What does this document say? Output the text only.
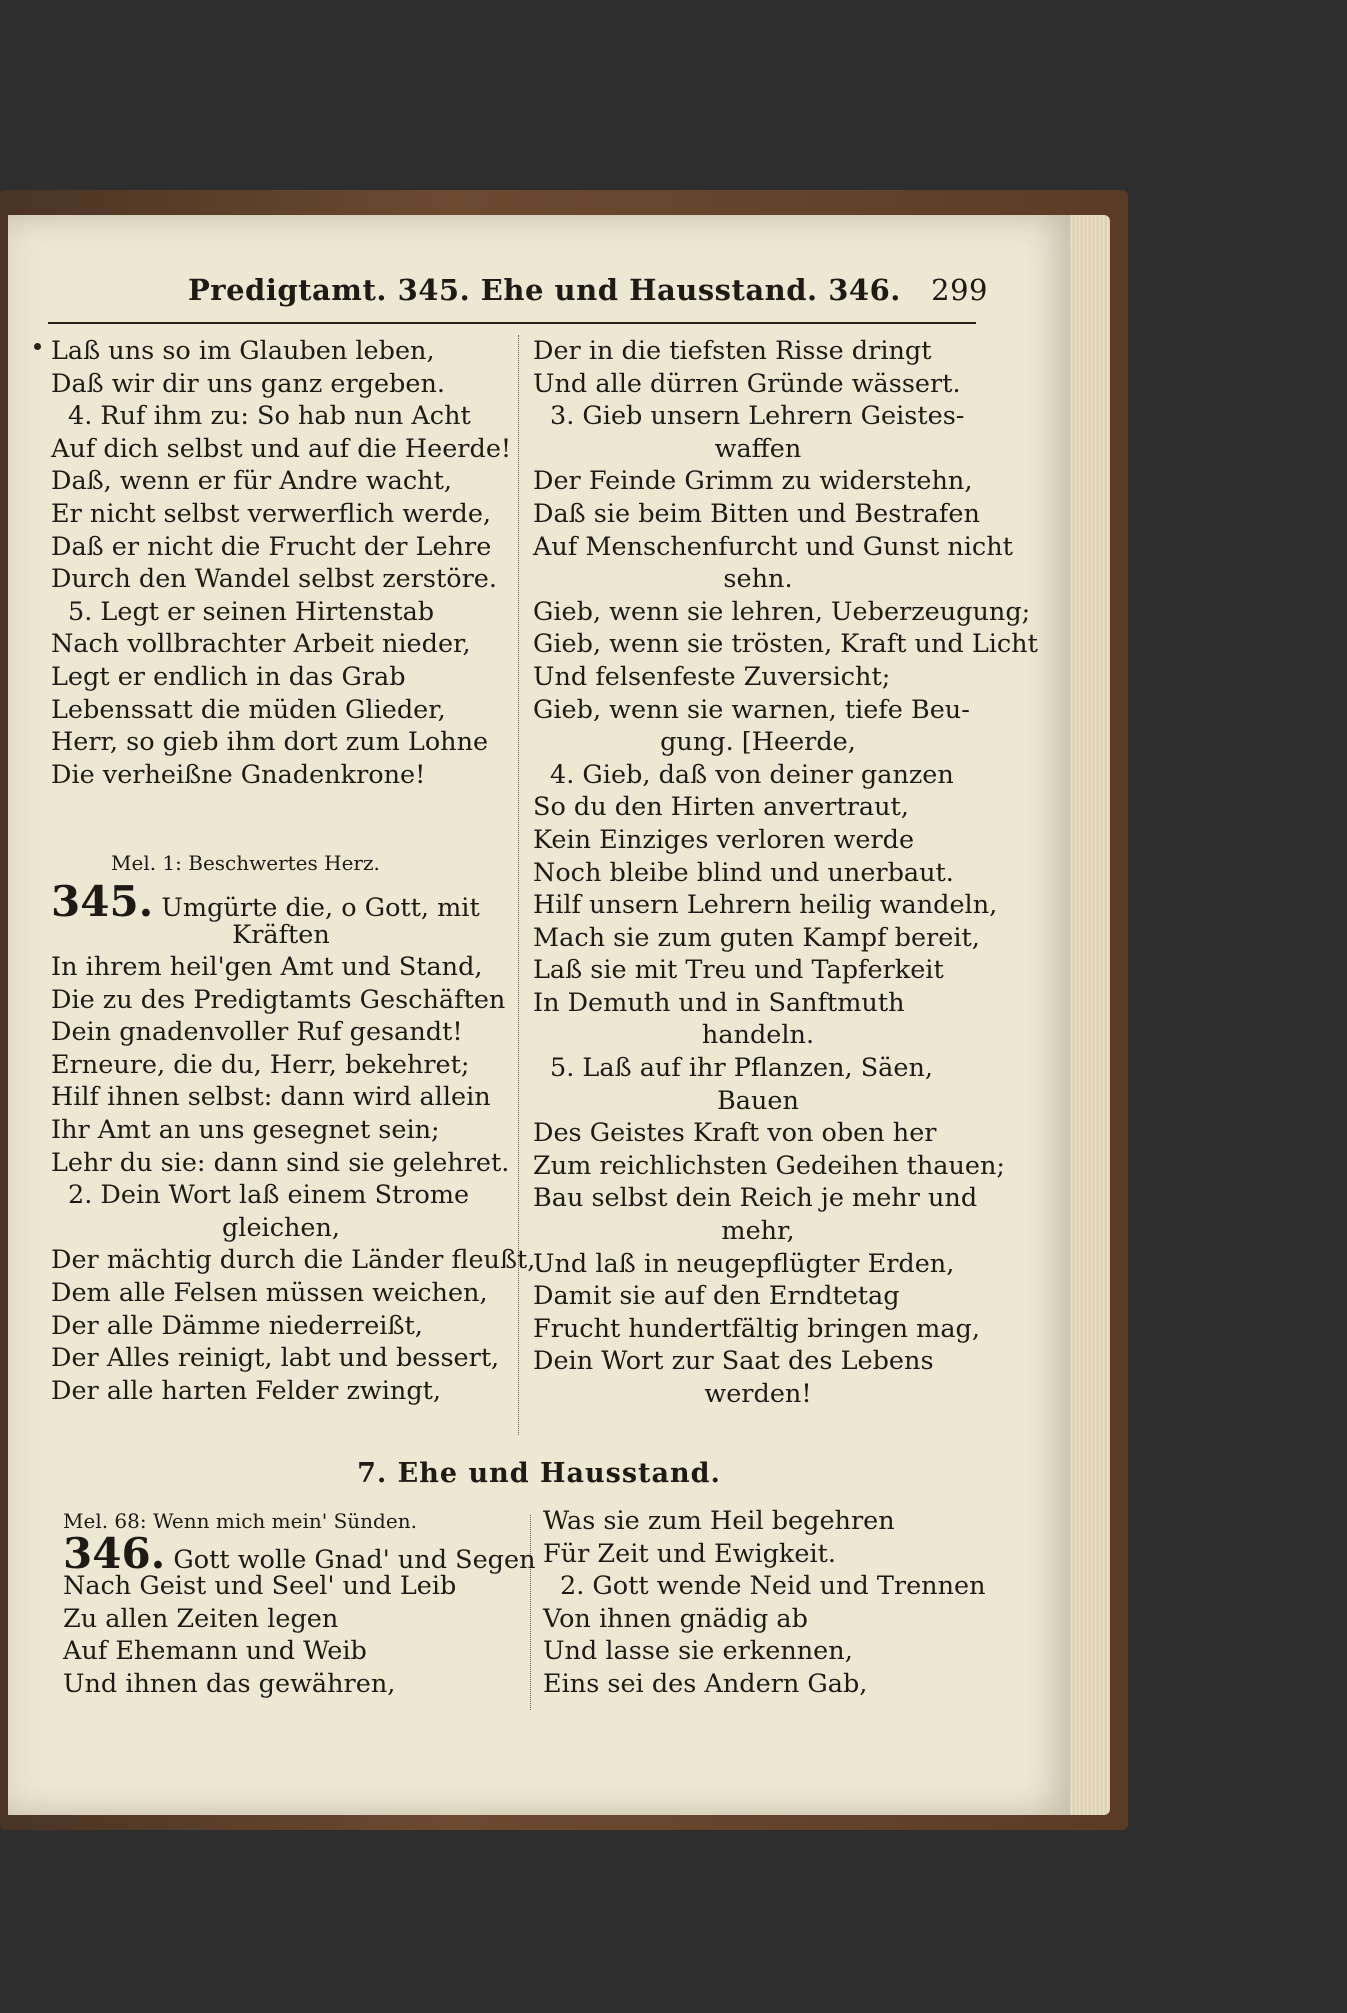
Predigtamt. 345. Ehe und Hausstand. 346. 299
Laß uns so im Glauben leben,
Daß wir dir uns ganz ergeben.
4. Ruf ihm zu: So hab nun Acht
Auf dich selbst und auf die Heerde!
Daß, wenn er für Andre wacht,
Er nicht selbst verwerflich werde,
Daß er nicht die Frucht der Lehre
Durch den Wandel selbst zerstöre.
5. Legt er seinen Hirtenstab
Nach vollbrachter Arbeit nieder,
Legt er endlich in das Grab
Lebenssatt die müden Glieder,
Herr, so gieb ihm dort zum Lohne
Die verheißne Gnadenkrone!
Mel. 1: Beschwertes Herz.
345. Umgürte die, o Gott, mit
Kräften
In ihrem heil'gen Amt und Stand,
Die zu des Predigtamts Geschäften
Dein gnadenvoller Ruf gesandt!
Erneure, die du, Herr, bekehret;
Hilf ihnen selbst: dann wird allein
Ihr Amt an uns gesegnet sein;
Lehr du sie: dann sind sie gelehret.
2. Dein Wort laß einem Strome
gleichen,
Der mächtig durch die Länder fleußt,
Dem alle Felsen müssen weichen,
Der alle Dämme niederreißt,
Der Alles reinigt, labt und bessert,
Der alle harten Felder zwingt,
Der in die tiefsten Risse dringt
Und alle dürren Gründe wässert.
3. Gieb unsern Lehrern Geistes-
waffen
Der Feinde Grimm zu widerstehn,
Daß sie beim Bitten und Bestrafen
Auf Menschenfurcht und Gunst nicht
sehn.
Gieb, wenn sie lehren, Ueberzeugung;
Gieb, wenn sie trösten, Kraft und Licht
Und felsenfeste Zuversicht;
Gieb, wenn sie warnen, tiefe Beu-
gung. [Heerde,
4. Gieb, daß von deiner ganzen
So du den Hirten anvertraut,
Kein Einziges verloren werde
Noch bleibe blind und unerbaut.
Hilf unsern Lehrern heilig wandeln,
Mach sie zum guten Kampf bereit,
Laß sie mit Treu und Tapferkeit
In Demuth und in Sanftmuth
handeln.
5. Laß auf ihr Pflanzen, Säen,
Bauen
Des Geistes Kraft von oben her
Zum reichlichsten Gedeihen thauen;
Bau selbst dein Reich je mehr und
mehr,
Und laß in neugepflügter Erden,
Damit sie auf den Erndtetag
Frucht hundertfältig bringen mag,
Dein Wort zur Saat des Lebens
werden!
7. Ehe und Hausstand.
Mel. 68: Wenn mich mein' Sünden.
346. Gott wolle Gnad' und Segen
Nach Geist und Seel' und Leib
Zu allen Zeiten legen
Auf Ehemann und Weib
Und ihnen das gewähren,
Was sie zum Heil begehren
Für Zeit und Ewigkeit.
2. Gott wende Neid und Trennen
Von ihnen gnädig ab
Und lasse sie erkennen,
Eins sei des Andern Gab,
